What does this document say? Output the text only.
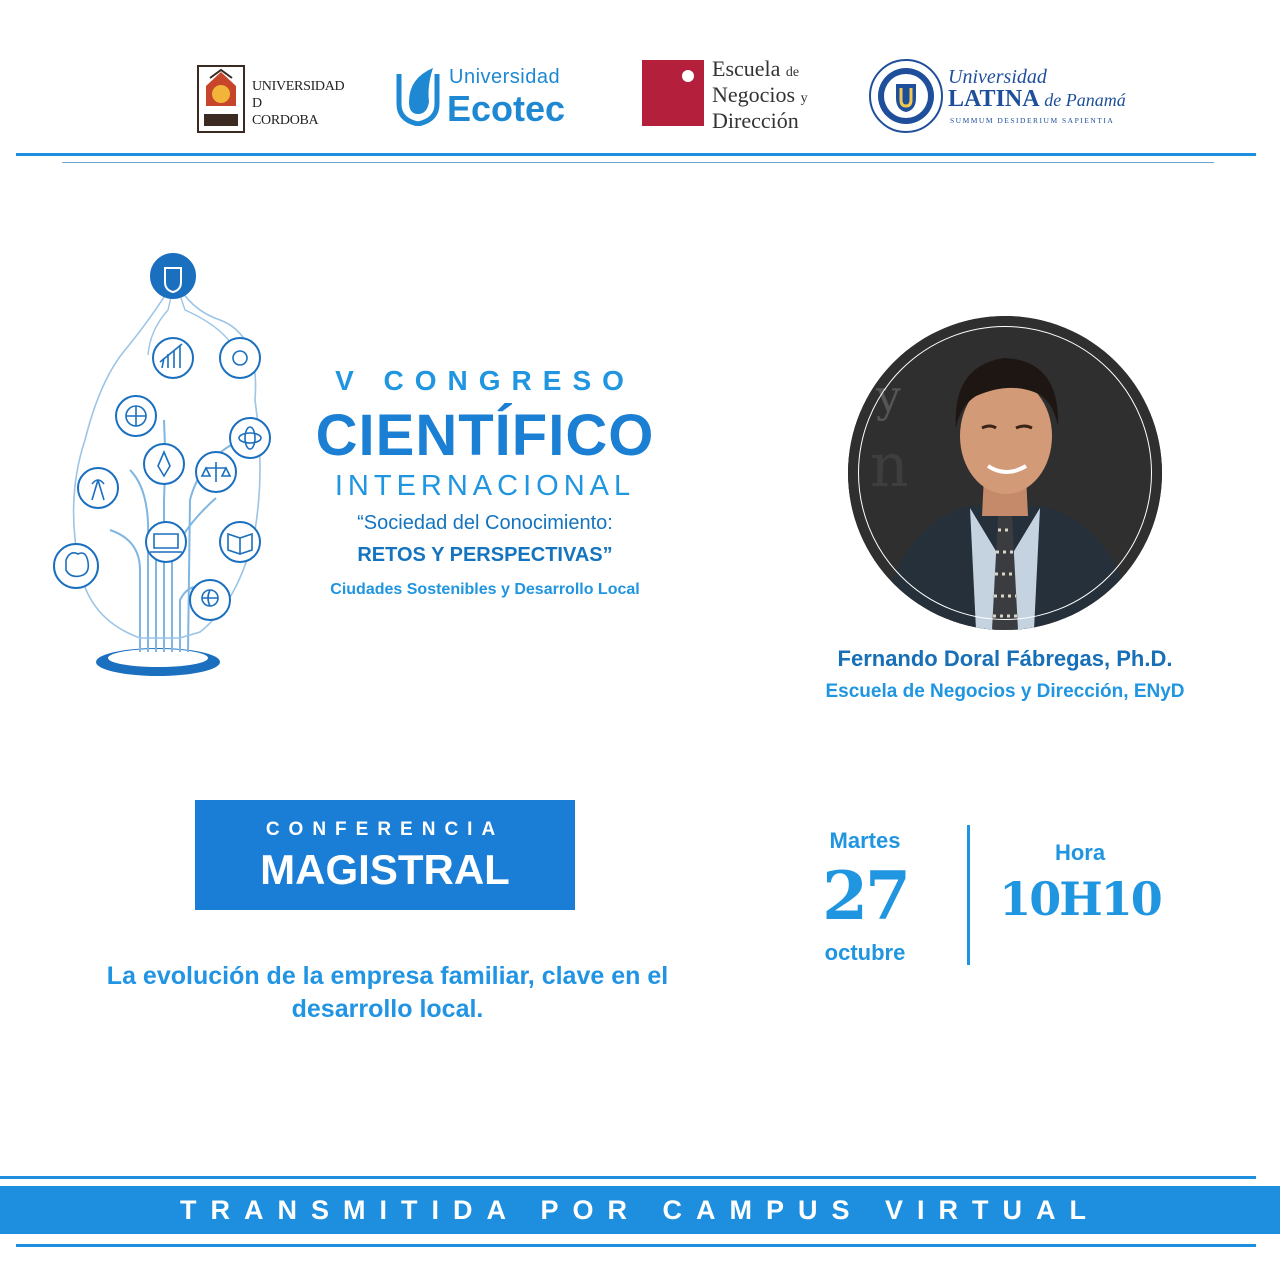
UNIVERSIDAD
D
CORDOBA
Universidad
Ecotec
Escuela de
Negocios y
Dirección
Universidad
LATINA de Panamá
SUMMUM DESIDERIUM SAPIENTIA
V CONGRESO
CIENTÍFICO
INTERNACIONAL
“Sociedad del Conocimiento:
RETOS Y PERSPECTIVAS”
Ciudades Sostenibles y Desarrollo Local
y
n
Fernando Doral Fábregas, Ph.D.
Escuela de Negocios y Dirección, ENyD
CONFERENCIA
MAGISTRAL
La evolución de la empresa familiar, clave en el desarrollo local.
Martes
27
octubre
Hora
10H10
TRANSMITIDA POR CAMPUS VIRTUAL
